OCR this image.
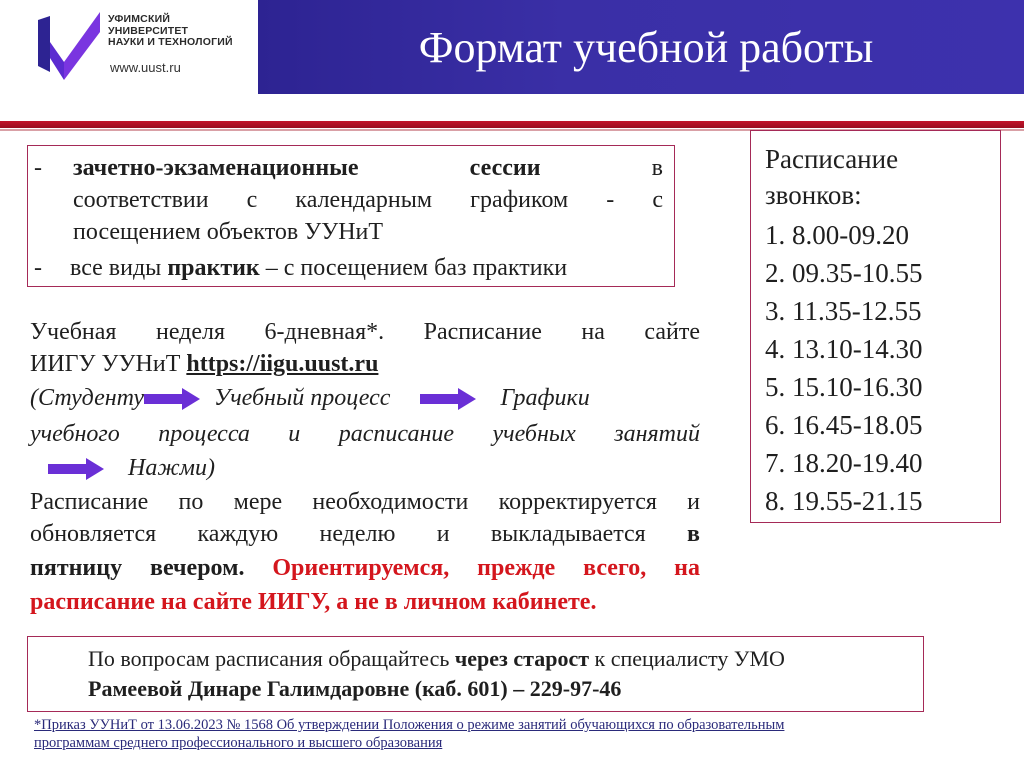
УФИМСКИЙ
УНИВЕРСИТЕТ
НАУКИ И ТЕХНОЛОГИЙ
www.uust.ru	Формат учебной работы
- зачетно-экзаменационные сессии	в
соответствии с календарным графиком - с
посещением объектов УУНиТ
- все виды практик – с посещением баз практики
Учебная неделя 6-дневная*. Расписание на сайте
ИИГУ УУНиТ https://iigu.uust.ru
(Студенту	Учебный процесс	Графики
учебного процесса и расписание учебных занятий
Нажми)
Расписание по мере необходимости корректируется и
обновляется каждую неделю и выкладывается в
пятницу вечером. Ориентируемся, прежде всего, на
расписание на сайте ИИГУ, а не в личном кабинете.
Расписание
звонков:
1. 8.00-09.20
2. 09.35-10.55
3. 11.35-12.55
4. 13.10-14.30
5. 15.10-16.30
6. 16.45-18.05
7. 18.20-19.40
8. 19.55-21.15
По вопросам расписания обращайтесь через старост к специалисту УМО
Рамеевой Динаре Галимдаровне (каб. 601) – 229-97-46
*Приказ УУНиТ от 13.06.2023 № 1568 Об утверждении Положения о режиме занятий обучающихся по образовательным
программам среднего профессионального и высшего образования
